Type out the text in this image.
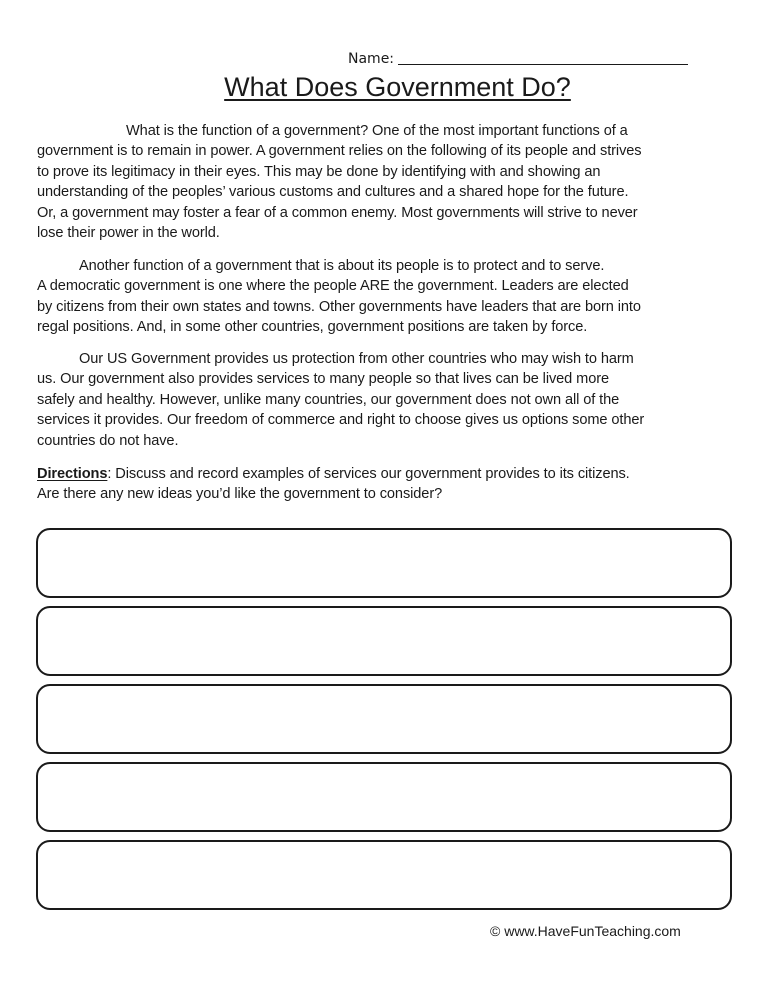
Name:
What Does Government Do?
What is the function of a government? One of the most important functions of a
government is to remain in power. A government relies on the following of its people and strives
to prove its legitimacy in their eyes. This may be done by identifying with and showing an
understanding of the peoples’ various customs and cultures and a shared hope for the future.
Or, a government may foster a fear of a common enemy. Most governments will strive to never
lose their power in the world.
Another function of a government that is about its people is to protect and to serve.
A democratic government is one where the people ARE the government. Leaders are elected
by citizens from their own states and towns. Other governments have leaders that are born into
regal positions. And, in some other countries, government positions are taken by force.
Our US Government provides us protection from other countries who may wish to harm
us. Our government also provides services to many people so that lives can be lived more
safely and healthy. However, unlike many countries, our government does not own all of the
services it provides. Our freedom of commerce and right to choose gives us options some other
countries do not have.
Directions: Discuss and record examples of services our government provides to its citizens.
Are there any new ideas you’d like the government to consider?
© www.HaveFunTeaching.com
